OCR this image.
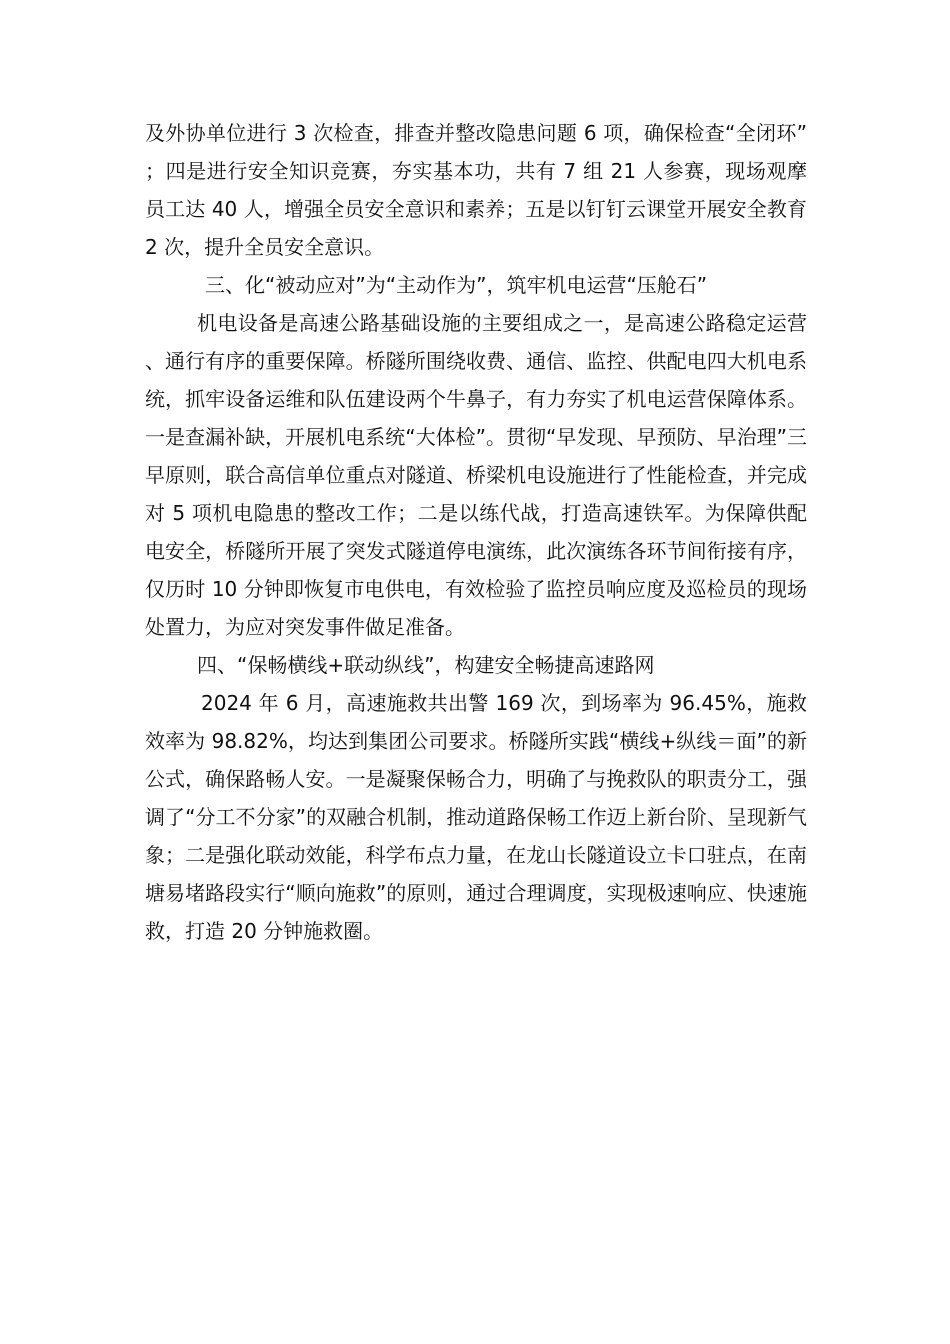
及外协单位进行 3 次检查，排查并整改隐患问题 6 项，确保检查“全闭环”；四是进行安全知识竞赛，夯实基本功，共有 7 组 21 人参赛，现场观摩员工达 40 人，增强全员安全意识和素养；五是以钉钉云课堂开展安全教育 2 次，提升全员安全意识。

三、化“被动应对”为“主动作为”，筑牢机电运营“压舱石”

机电设备是高速公路基础设施的主要组成之一，是高速公路稳定运营、通行有序的重要保障。桥隧所围绕收费、通信、监控、供配电四大机电系统，抓牢设备运维和队伍建设两个牛鼻子，有力夯实了机电运营保障体系。一是查漏补缺，开展机电系统“大体检”。贯彻“早发现、早预防、早治理”三早原则，联合高信单位重点对隧道、桥梁机电设施进行了性能检查，并完成对 5 项机电隐患的整改工作；二是以练代战，打造高速铁军。为保障供配电安全，桥隧所开展了突发式隧道停电演练，此次演练各环节间衔接有序，仅历时 10 分钟即恢复市电供电，有效检验了监控员响应度及巡检员的现场处置力，为应对突发事件做足准备。

四、“保畅横线+联动纵线”，构建安全畅捷高速路网

2024 年 6 月，高速施救共出警 169 次，到场率为 96.45%，施救效率为 98.82%，均达到集团公司要求。桥隧所实践“横线+纵线＝面”的新公式，确保路畅人安。一是凝聚保畅合力，明确了与挽救队的职责分工，强调了“分工不分家”的双融合机制，推动道路保畅工作迈上新台阶、呈现新气象；二是强化联动效能，科学布点力量，在龙山长隧道设立卡口驻点，在南塘易堵路段实行“顺向施救”的原则，通过合理调度，实现极速响应、快速施救，打造 20 分钟施救圈。
